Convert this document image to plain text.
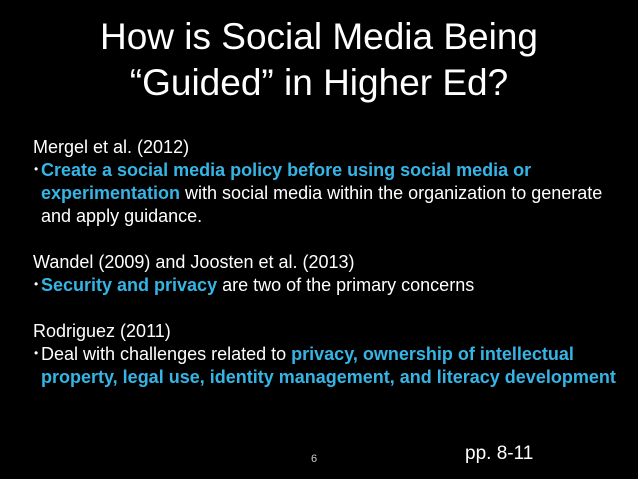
How is Social Media Being
“Guided” in Higher Ed?
Mergel et al. (2012)
• Create a social media policy before using social media or experimentation with social media within the organization to generate and apply guidance.
Wandel (2009) and Joosten et al. (2013)
• Security and privacy are two of the primary concerns
Rodriguez (2011)
• Deal with challenges related to privacy, ownership of intellectual property, legal use, identity management, and literacy development
6	pp. 8-11
